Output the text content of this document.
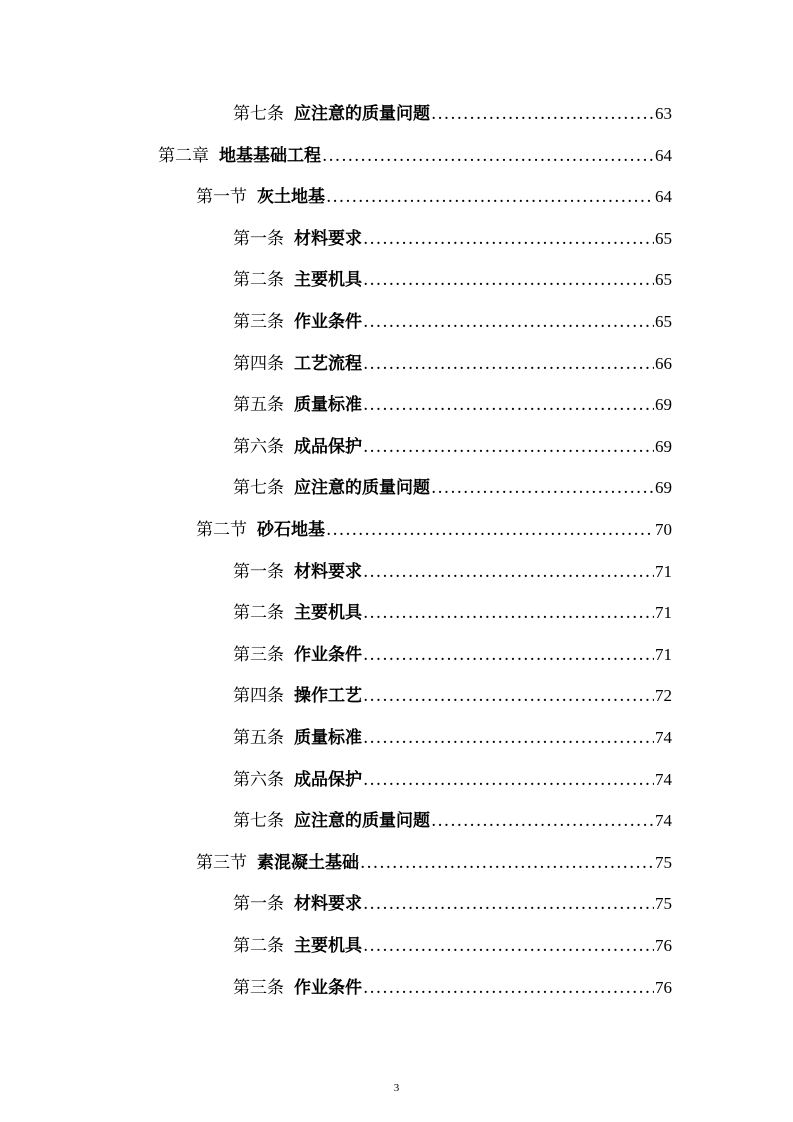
第七条 应注意的质量问题 .....	63
第二章 地基基础工程 .....	64
第一节 灰土地基 .....	64
第一条 材料要求 .....	65
第二条 主要机具 .....	65
第三条 作业条件 .....	65
第四条 工艺流程 .....	66
第五条 质量标准 .....	69
第六条 成品保护 .....	69
第七条 应注意的质量问题 .....	69
第二节 砂石地基 .....	70
第一条 材料要求 .....	71
第二条 主要机具 .....	71
第三条 作业条件 .....	71
第四条 操作工艺 .....	72
第五条 质量标准 .....	74
第六条 成品保护 .....	74
第七条 应注意的质量问题 .....	74
第三节 素混凝土基础 .....	75
第一条 材料要求 .....	75
第二条 主要机具 .....	76
第三条 作业条件 .....	76
3
